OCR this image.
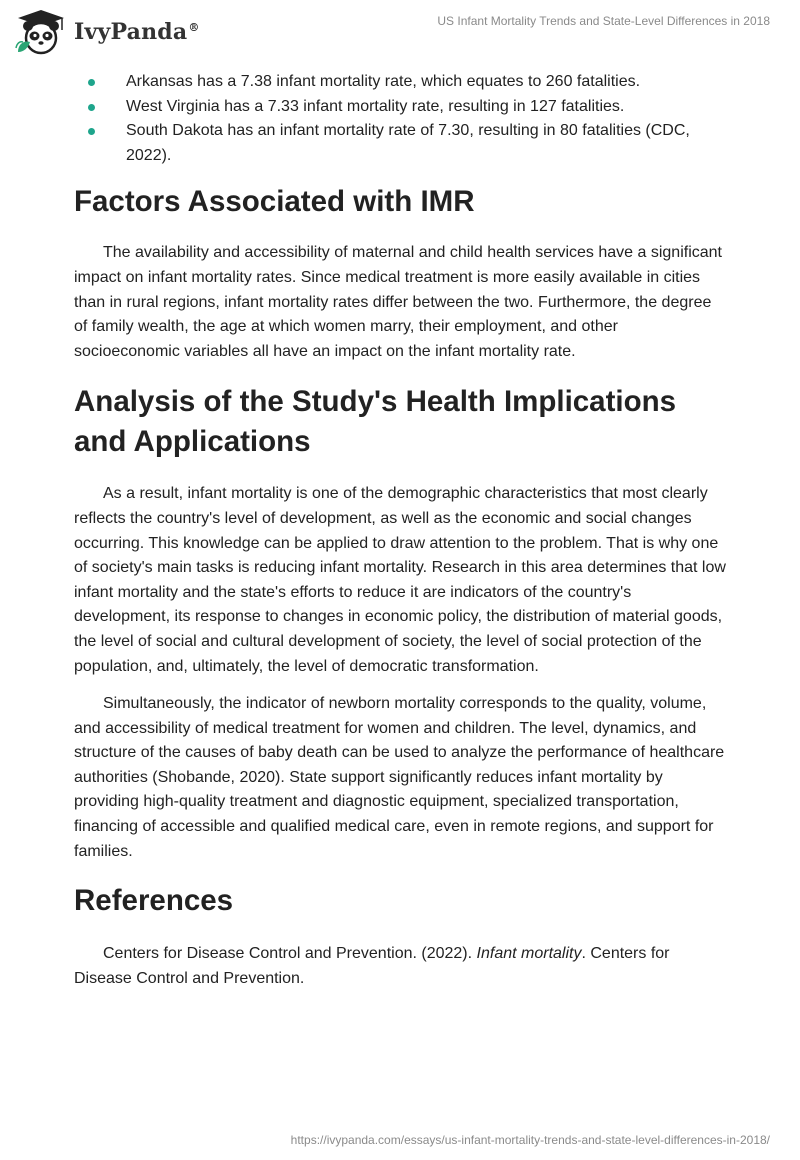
IvyPanda®	US Infant Mortality Trends and State-Level Differences in 2018
Arkansas has a 7.38 infant mortality rate, which equates to 260 fatalities.
West Virginia has a 7.33 infant mortality rate, resulting in 127 fatalities.
South Dakota has an infant mortality rate of 7.30, resulting in 80 fatalities (CDC, 2022).
Factors Associated with IMR

The availability and accessibility of maternal and child health services have a significant impact on infant mortality rates. Since medical treatment is more easily available in cities than in rural regions, infant mortality rates differ between the two. Furthermore, the degree of family wealth, the age at which women marry, their employment, and other socioeconomic variables all have an impact on the infant mortality rate.

Analysis of the Study's Health Implications and Applications

As a result, infant mortality is one of the demographic characteristics that most clearly reflects the country's level of development, as well as the economic and social changes occurring. This knowledge can be applied to draw attention to the problem. That is why one of society's main tasks is reducing infant mortality. Research in this area determines that low infant mortality and the state's efforts to reduce it are indicators of the country's development, its response to changes in economic policy, the distribution of material goods, the level of social and cultural development of society, the level of social protection of the population, and, ultimately, the level of democratic transformation.

Simultaneously, the indicator of newborn mortality corresponds to the quality, volume, and accessibility of medical treatment for women and children. The level, dynamics, and structure of the causes of baby death can be used to analyze the performance of healthcare authorities (Shobande, 2020). State support significantly reduces infant mortality by providing high-quality treatment and diagnostic equipment, specialized transportation, financing of accessible and qualified medical care, even in remote regions, and support for families.

References

Centers for Disease Control and Prevention. (2022). Infant mortality. Centers for Disease Control and Prevention.

https://ivypanda.com/essays/us-infant-mortality-trends-and-state-level-differences-in-2018/
